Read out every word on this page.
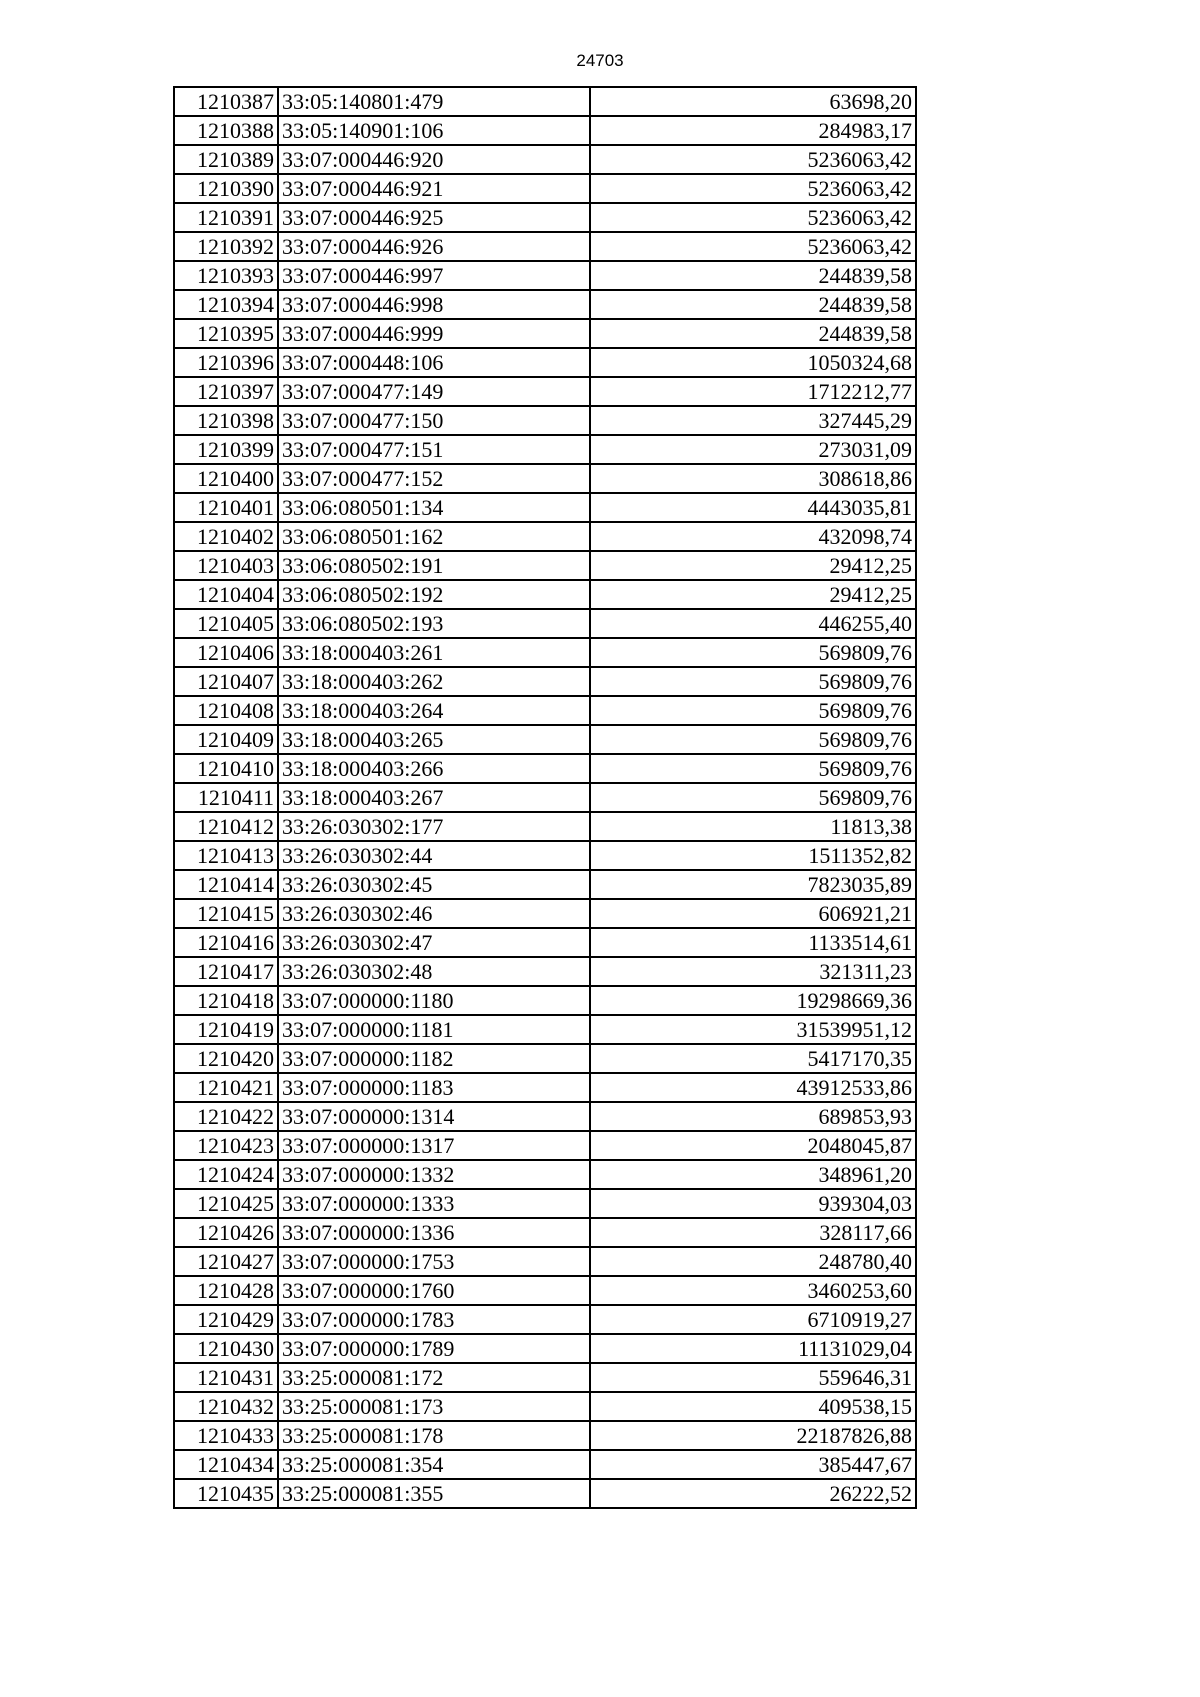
24703
1210387	33:05:140801:479	63698,20
1210388	33:05:140901:106	284983,17
1210389	33:07:000446:920	5236063,42
1210390	33:07:000446:921	5236063,42
1210391	33:07:000446:925	5236063,42
1210392	33:07:000446:926	5236063,42
1210393	33:07:000446:997	244839,58
1210394	33:07:000446:998	244839,58
1210395	33:07:000446:999	244839,58
1210396	33:07:000448:106	1050324,68
1210397	33:07:000477:149	1712212,77
1210398	33:07:000477:150	327445,29
1210399	33:07:000477:151	273031,09
1210400	33:07:000477:152	308618,86
1210401	33:06:080501:134	4443035,81
1210402	33:06:080501:162	432098,74
1210403	33:06:080502:191	29412,25
1210404	33:06:080502:192	29412,25
1210405	33:06:080502:193	446255,40
1210406	33:18:000403:261	569809,76
1210407	33:18:000403:262	569809,76
1210408	33:18:000403:264	569809,76
1210409	33:18:000403:265	569809,76
1210410	33:18:000403:266	569809,76
1210411	33:18:000403:267	569809,76
1210412	33:26:030302:177	11813,38
1210413	33:26:030302:44	1511352,82
1210414	33:26:030302:45	7823035,89
1210415	33:26:030302:46	606921,21
1210416	33:26:030302:47	1133514,61
1210417	33:26:030302:48	321311,23
1210418	33:07:000000:1180	19298669,36
1210419	33:07:000000:1181	31539951,12
1210420	33:07:000000:1182	5417170,35
1210421	33:07:000000:1183	43912533,86
1210422	33:07:000000:1314	689853,93
1210423	33:07:000000:1317	2048045,87
1210424	33:07:000000:1332	348961,20
1210425	33:07:000000:1333	939304,03
1210426	33:07:000000:1336	328117,66
1210427	33:07:000000:1753	248780,40
1210428	33:07:000000:1760	3460253,60
1210429	33:07:000000:1783	6710919,27
1210430	33:07:000000:1789	11131029,04
1210431	33:25:000081:172	559646,31
1210432	33:25:000081:173	409538,15
1210433	33:25:000081:178	22187826,88
1210434	33:25:000081:354	385447,67
1210435	33:25:000081:355	26222,52
